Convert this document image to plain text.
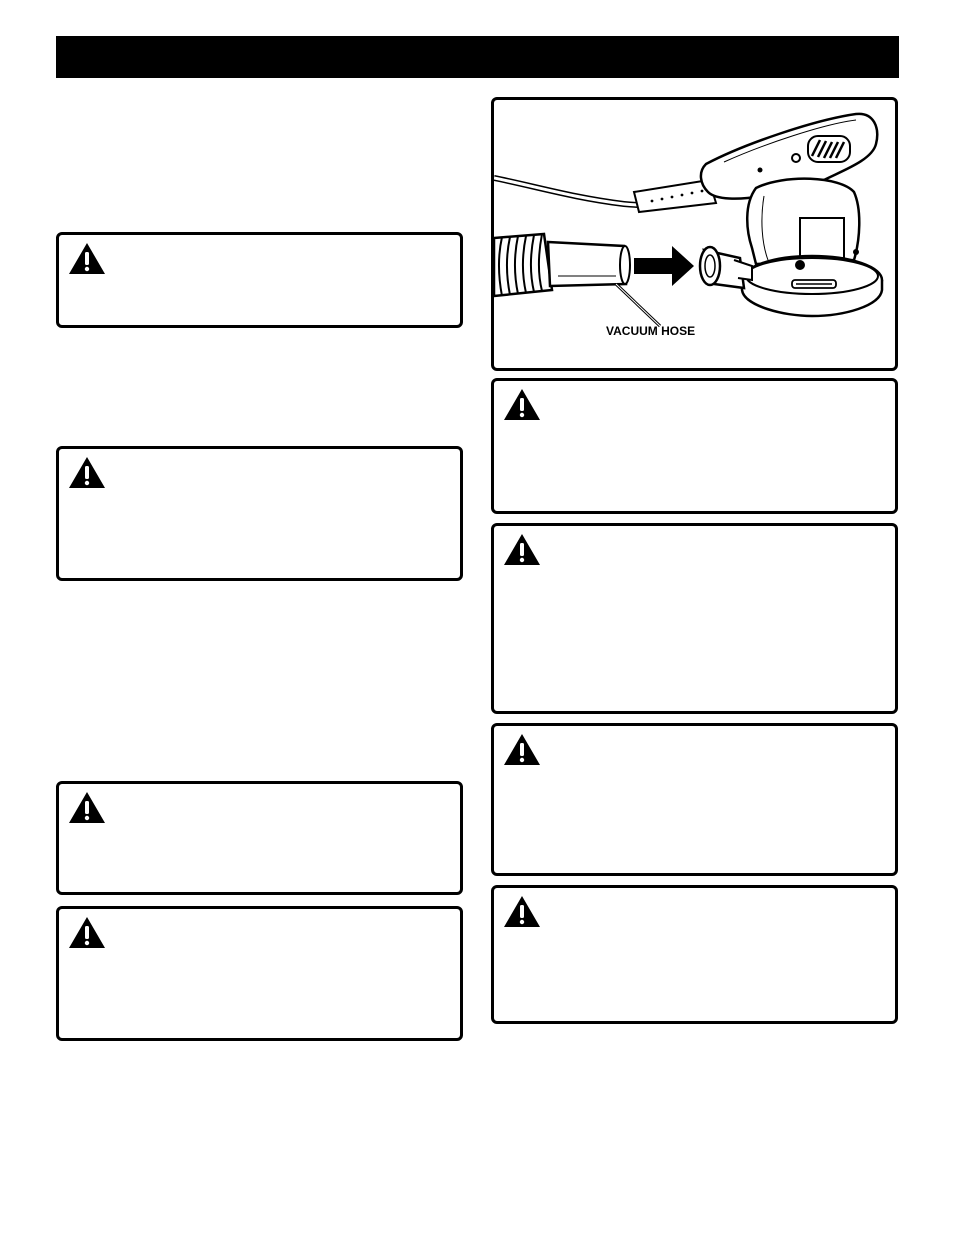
VACUUM HOSE
